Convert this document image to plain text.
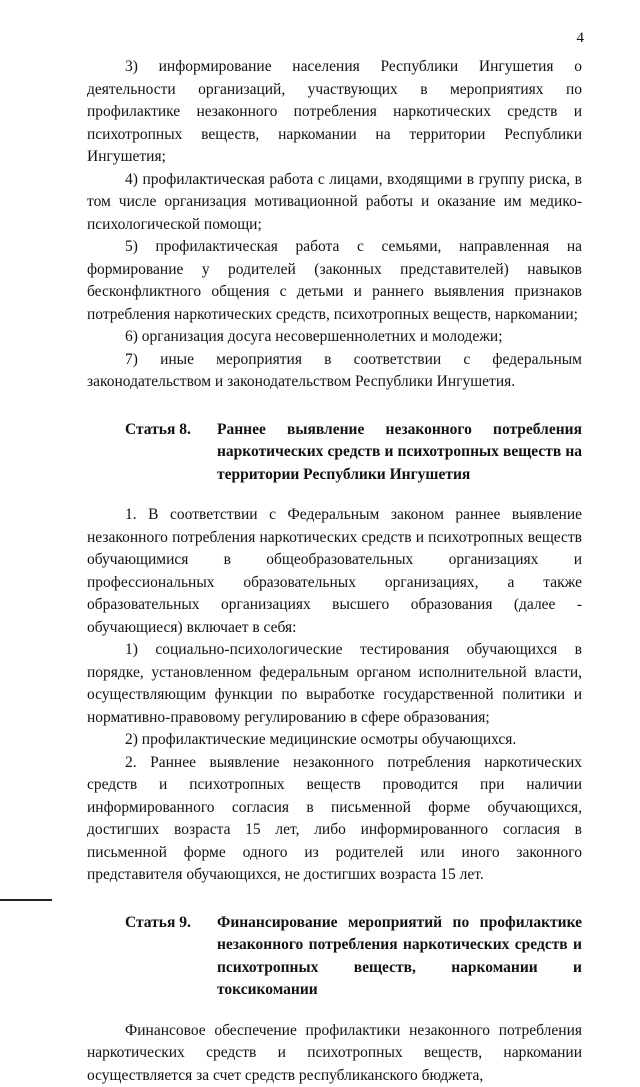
4

3) информирование населения Республики Ингушетия о деятельности организаций, участвующих в мероприятиях по профилактике незаконного потребления наркотических средств и психотропных веществ, наркомании на территории Республики Ингушетия;

4) профилактическая работа с лицами, входящими в группу риска, в том числе организация мотивационной работы и оказание им медико-психологической помощи;

5) профилактическая работа с семьями, направленная на формирование у родителей (законных представителей) навыков бесконфликтного общения с детьми и раннего выявления признаков потребления наркотических средств, психотропных веществ, наркомании;

6) организация досуга несовершеннолетних и молодежи;

7) иные мероприятия в соответствии с федеральным законодательством и законодательством Республики Ингушетия.

Статья 8.	Раннее выявление незаконного потребления наркотических средств и психотропных веществ на территории Республики Ингушетия

1. В соответствии с Федеральным законом раннее выявление незаконного потребления наркотических средств и психотропных веществ обучающимися в общеобразовательных организациях и профессиональных образовательных организациях, а также образовательных организациях высшего образования (далее - обучающиеся) включает в себя:

1) социально-психологические тестирования обучающихся в порядке, установленном федеральным органом исполнительной власти, осуществляющим функции по выработке государственной политики и нормативно-правовому регулированию в сфере образования;

2) профилактические медицинские осмотры обучающихся.

2. Раннее выявление незаконного потребления наркотических средств и психотропных веществ проводится при наличии информированного согласия в письменной форме обучающихся, достигших возраста 15 лет, либо информированного согласия в письменной форме одного из родителей или иного законного представителя обучающихся, не достигших возраста 15 лет.

Статья 9.	Финансирование мероприятий по профилактике незаконного потребления наркотических средств и психотропных веществ, наркомании и токсикомании

Финансовое обеспечение профилактики незаконного потребления наркотических средств и психотропных веществ, наркомании осуществляется за счет средств республиканского бюджета,
